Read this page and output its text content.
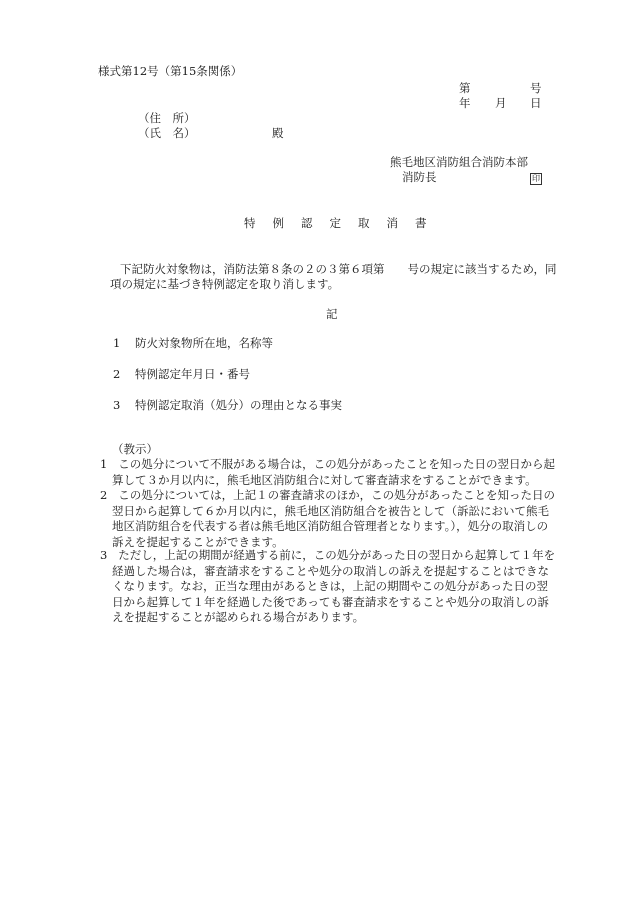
様式第12号（第15条関係）
第	号
年 月 日
（住　所）
（氏　名）	殿
熊毛地区消防組合消防本部
消防長	印
特 例 認 定 取 消 書
下記防火対象物は，消防法第８条の２の３第６項第　　号の規定に該当するため，同
項の規定に基づき特例認定を取り消します。
記
1 防火対象物所在地，名称等
2 特例認定年月日・番号
3 特例認定取消（処分）の理由となる事実
（教示）
1 この処分について不服がある場合は，この処分があったことを知った日の翌日から起算して３か月以内に，熊毛地区消防組合に対して審査請求をすることができます。
2 この処分については，上記１の審査請求のほか，この処分があったことを知った日の翌日から起算して６か月以内に，熊毛地区消防組合を被告として（訴訟において熊毛地区消防組合を代表する者は熊毛地区消防組合管理者となります。），処分の取消しの訴えを提起することができます。
3 ただし，上記の期間が経過する前に，この処分があった日の翌日から起算して１年を経過した場合は，審査請求をすることや処分の取消しの訴えを提起することはできなくなります。なお，正当な理由があるときは，上記の期間やこの処分があった日の翌日から起算して１年を経過した後であっても審査請求をすることや処分の取消しの訴えを提起することが認められる場合があります。
